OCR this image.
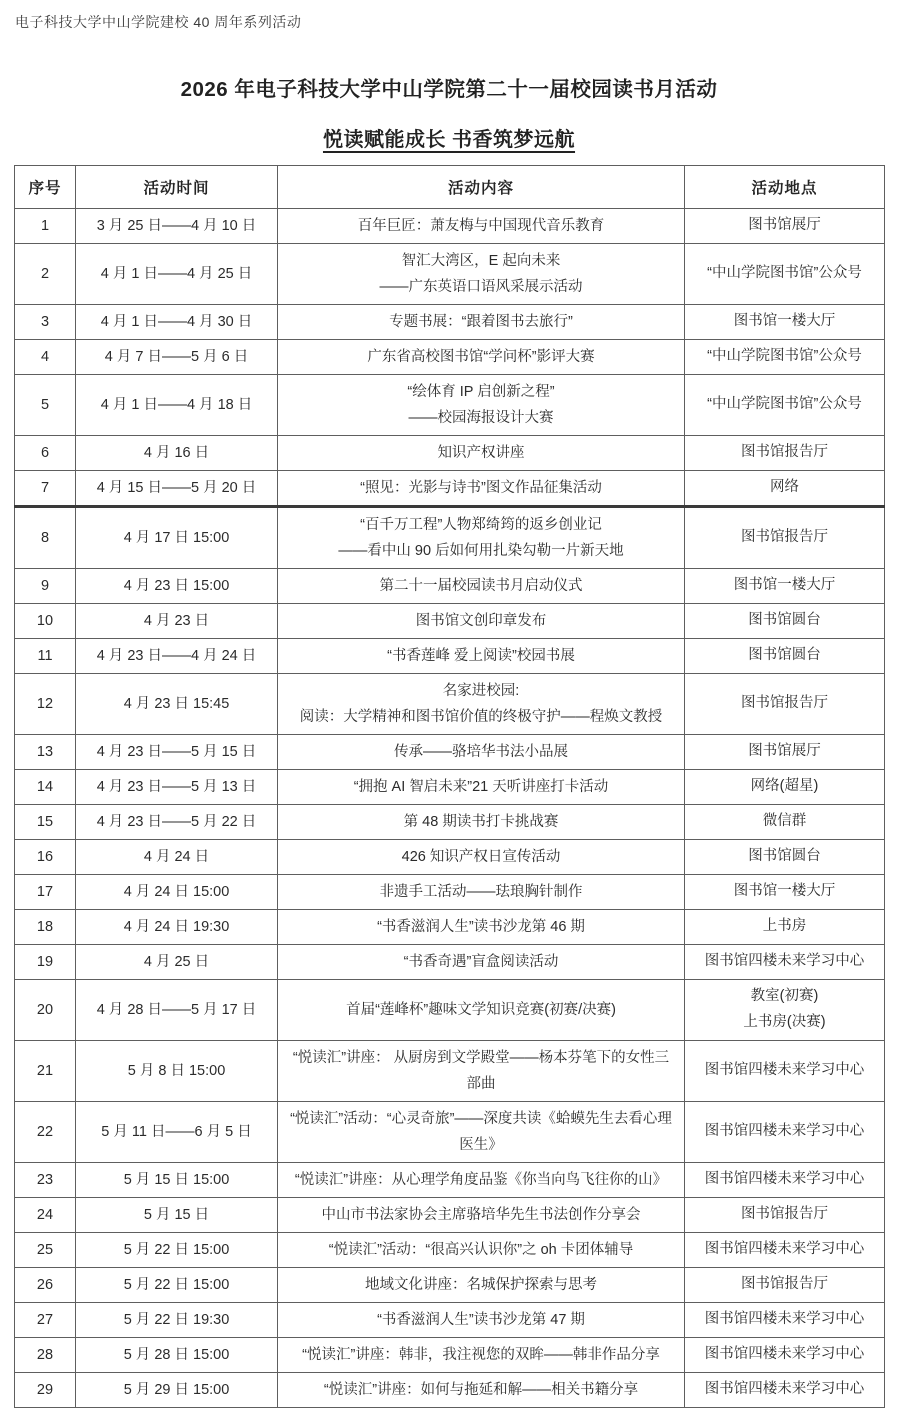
电子科技大学中山学院建校 40 周年系列活动
2026 年电子科技大学中山学院第二十一届校园读书月活动
悦读赋能成长 书香筑梦远航
序号	活动时间	活动内容	活动地点
1	3 月 25 日——4 月 10 日	百年巨匠：萧友梅与中国现代音乐教育	图书馆展厅

2	4 月 1 日——4 月 25 日	智汇大湾区，E 起向未来
——广东英语口语风采展示活动	“中山学院图书馆”公众号

3	4 月 1 日——4 月 30 日	专题书展：“跟着图书去旅行”	图书馆一楼大厅

4	4 月 7 日——5 月 6 日	广东省高校图书馆“学问杯”影评大赛	“中山学院图书馆”公众号

5	4 月 1 日——4 月 18 日	“绘体育 IP 启创新之程”
——校园海报设计大赛	“中山学院图书馆”公众号

6	4 月 16 日	知识产权讲座	图书馆报告厅

7	4 月 15 日——5 月 20 日	“照见：光影与诗书”图文作品征集活动	网络

8	4 月 17 日 15:00	“百千万工程”人物郑绮筠的返乡创业记
——看中山 90 后如何用扎染勾勒一片新天地	图书馆报告厅

9	4 月 23 日 15:00	第二十一届校园读书月启动仪式	图书馆一楼大厅

10	4 月 23 日	图书馆文创印章发布	图书馆圆台

11	4 月 23 日——4 月 24 日	“书香莲峰 爱上阅读”校园书展	图书馆圆台

12	4 月 23 日 15:45	名家进校园:
阅读：大学精神和图书馆价值的终极守护——程焕文教授	图书馆报告厅

13	4 月 23 日——5 月 15 日	传承——骆培华书法小品展	图书馆展厅

14	4 月 23 日——5 月 13 日	“拥抱 AI 智启未来”21 天听讲座打卡活动	网络(超星)

15	4 月 23 日——5 月 22 日	第 48 期读书打卡挑战赛	微信群

16	4 月 24 日	426 知识产权日宣传活动	图书馆圆台

17	4 月 24 日 15:00	非遗手工活动——珐琅胸针制作	图书馆一楼大厅

18	4 月 24 日 19:30	“书香滋润人生”读书沙龙第 46 期	上书房

19	4 月 25 日	“书香奇遇”盲盒阅读活动	图书馆四楼未来学习中心

20	4 月 28 日——5 月 17 日	首届“莲峰杯”趣味文学知识竞赛(初赛/决赛)	教室(初赛)
上书房(决赛)

21	5 月 8 日 15:00	“悦读汇”讲座： 从厨房到文学殿堂——杨本芬笔下的女性三
部曲	图书馆四楼未来学习中心

22	5 月 11 日——6 月 5 日	“悦读汇”活动：“心灵奇旅”——深度共读《蛤蟆先生去看心理
医生》	图书馆四楼未来学习中心

23	5 月 15 日 15:00	“悦读汇”讲座：从心理学角度品鉴《你当向鸟飞往你的山》	图书馆四楼未来学习中心

24	5 月 15 日	中山市书法家协会主席骆培华先生书法创作分享会	图书馆报告厅

25	5 月 22 日 15:00	“悦读汇”活动：“很高兴认识你”之 oh 卡团体辅导	图书馆四楼未来学习中心

26	5 月 22 日 15:00	地域文化讲座：名城保护探索与思考	图书馆报告厅

27	5 月 22 日 19:30	“书香滋润人生”读书沙龙第 47 期	图书馆四楼未来学习中心

28	5 月 28 日 15:00	“悦读汇”讲座：韩非，我注视您的双眸——韩非作品分享	图书馆四楼未来学习中心

29	5 月 29 日 15:00	“悦读汇”讲座：如何与拖延和解——相关书籍分享	图书馆四楼未来学习中心
